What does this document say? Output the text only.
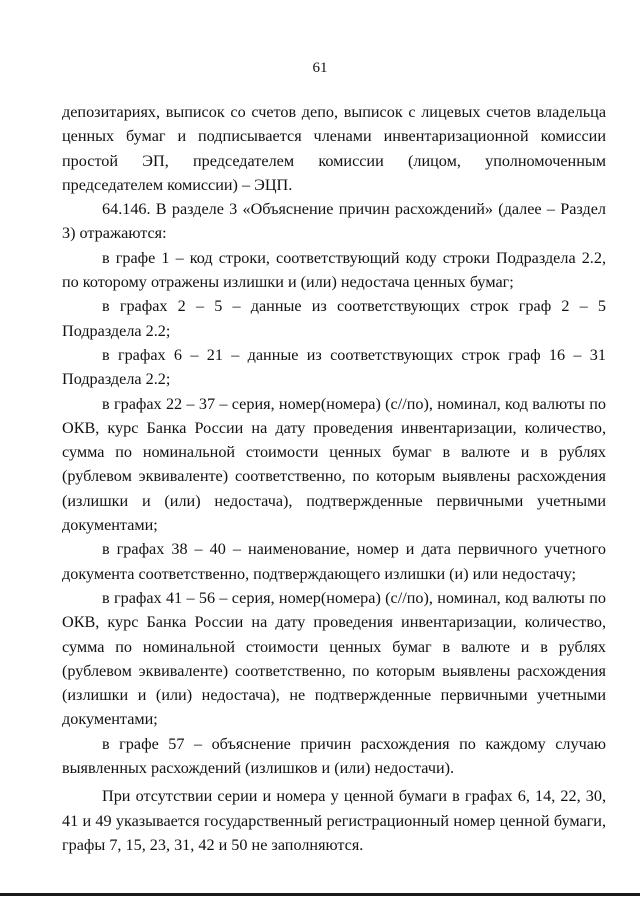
61

депозитариях, выписок со счетов депо, выписок с лицевых счетов владельца ценных бумаг и подписывается членами инвентаризационной комиссии простой ЭП, председателем комиссии (лицом, уполномоченным председателем комиссии) – ЭЦП.

64.146. В разделе 3 «Объяснение причин расхождений» (далее – Раздел 3) отражаются:

в графе 1 – код строки, соответствующий коду строки Подраздела 2.2, по которому отражены излишки и (или) недостача ценных бумаг;

в графах 2 – 5 – данные из соответствующих строк граф 2 – 5 Подраздела 2.2;

в графах 6 – 21 – данные из соответствующих строк граф 16 – 31 Подраздела 2.2;

в графах 22 – 37 – серия, номер(номера) (с//по), номинал, код валюты по ОКВ, курс Банка России на дату проведения инвентаризации, количество, сумма по номинальной стоимости ценных бумаг в валюте и в рублях (рублевом эквиваленте) соответственно, по которым выявлены расхождения (излишки и (или) недостача), подтвержденные первичными учетными документами;

в графах 38 – 40 – наименование, номер и дата первичного учетного документа соответственно, подтверждающего излишки (и) или недостачу;

в графах 41 – 56 – серия, номер(номера) (с//по), номинал, код валюты по ОКВ, курс Банка России на дату проведения инвентаризации, количество, сумма по номинальной стоимости ценных бумаг в валюте и в рублях (рублевом эквиваленте) соответственно, по которым выявлены расхождения (излишки и (или) недостача), не подтвержденные первичными учетными документами;

в графе 57 – объяснение причин расхождения по каждому случаю выявленных расхождений (излишков и (или) недостачи).

При отсутствии серии и номера у ценной бумаги в графах 6, 14, 22, 30, 41 и 49 указывается государственный регистрационный номер ценной бумаги, графы 7, 15, 23, 31, 42 и 50 не заполняются.
